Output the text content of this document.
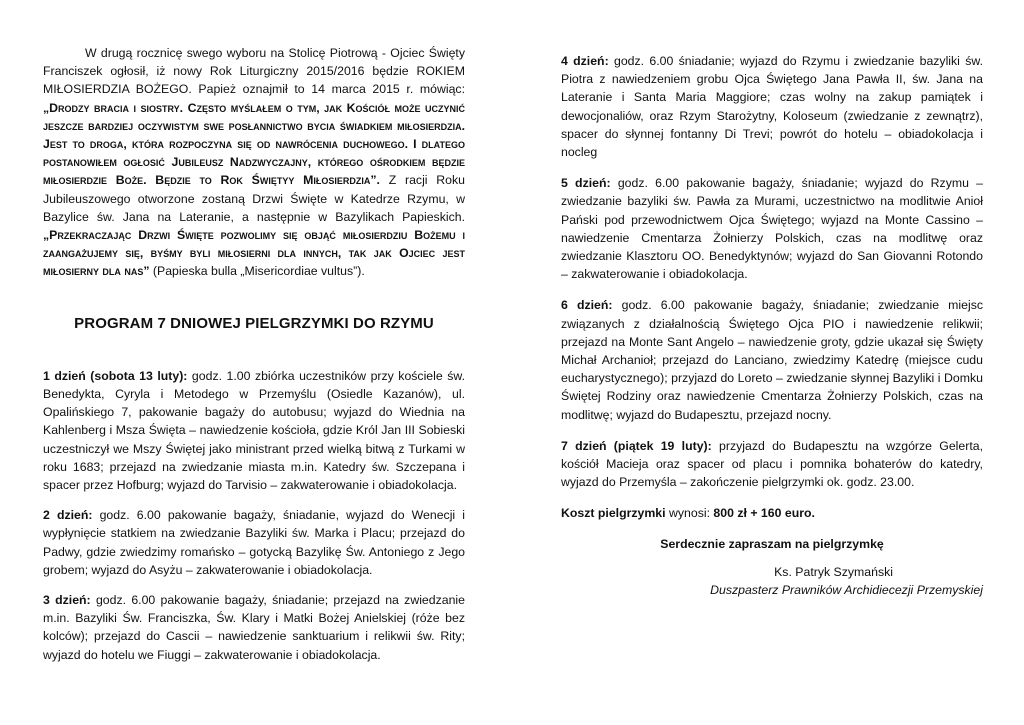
W drugą rocznicę swego wyboru na Stolicę Piotrową - Ojciec Święty Franciszek ogłosił, iż nowy Rok Liturgiczny 2015/2016 będzie ROKIEM MIŁOSIERDZIA BOŻEGO. Papież oznajmił to 14 marca 2015 r. mówiąc: „Drodzy bracia i siostry. Często myślałem o tym, jak Kościół może uczynić jeszcze bardziej oczywistym swe posłannictwo bycia świadkiem miłosierdzia. Jest to droga, która rozpoczyna się od nawrócenia duchowego. I dlatego postanowiłem ogłosić Jubileusz Nadzwyczajny, którego ośrodkiem będzie miłosierdzie Boże. Będzie to Rok Świętyy Miłosierdzia”. Z racji Roku Jubileuszowego otworzone zostaną Drzwi Święte w Katedrze Rzymu, w Bazylice św. Jana na Lateranie, a następnie w Bazylikach Papieskich. „Przekraczając Drzwi Święte pozwolimy się objąć miłosierdziu Bożemu i zaangażujemy się, byśmy byli miłosierni dla innych, tak jak Ojciec jest miłosierny dla nas” (Papieska bulla „Misericordiae vultus”).

PROGRAM 7 DNIOWEJ PIELGRZYMKI DO RZYMU

1 dzień (sobota 13 luty): godz. 1.00 zbiórka uczestników przy kościele św. Benedykta, Cyryla i Metodego w Przemyślu (Osiedle Kazanów), ul. Opalińskiego 7, pakowanie bagaży do autobusu; wyjazd do Wiednia na Kahlenberg i Msza Święta – nawiedzenie kościoła, gdzie Król Jan III Sobieski uczestniczył we Mszy Świętej jako ministrant przed wielką bitwą z Turkami w roku 1683; przejazd na zwiedzanie miasta m.in. Katedry św. Szczepana i spacer przez Hofburg; wyjazd do Tarvisio – zakwaterowanie i obiadokolacja.

2 dzień: godz. 6.00 pakowanie bagaży, śniadanie, wyjazd do Wenecji i wypłynięcie statkiem na zwiedzanie Bazyliki św. Marka i Placu; przejazd do Padwy, gdzie zwiedzimy romańsko – gotycką Bazylikę Św. Antoniego z Jego grobem; wyjazd do Asyżu – zakwaterowanie i obiadokolacja.

3 dzień: godz. 6.00 pakowanie bagaży, śniadanie; przejazd na zwiedzanie m.in. Bazyliki Św. Franciszka, Św. Klary i Matki Bożej Anielskiej (róże bez kolców); przejazd do Cascii – nawiedzenie sanktuarium i relikwii św. Rity; wyjazd do hotelu we Fiuggi – zakwaterowanie i obiadokolacja.

4 dzień: godz. 6.00 śniadanie; wyjazd do Rzymu i zwiedzanie bazyliki św. Piotra z nawiedzeniem grobu Ojca Świętego Jana Pawła II, św. Jana na Lateranie i Santa Maria Maggiore; czas wolny na zakup pamiątek i dewocjonaliów, oraz Rzym Starożytny, Koloseum (zwiedzanie z zewnątrz), spacer do słynnej fontanny Di Trevi; powrót do hotelu – obiadokolacja i nocleg

5 dzień: godz. 6.00 pakowanie bagaży, śniadanie; wyjazd do Rzymu – zwiedzanie bazyliki św. Pawła za Murami, uczestnictwo na modlitwie Anioł Pański pod przewodnictwem Ojca Świętego; wyjazd na Monte Cassino – nawiedzenie Cmentarza Żołnierzy Polskich, czas na modlitwę oraz zwiedzanie Klasztoru OO. Benedyktynów; wyjazd do San Giovanni Rotondo – zakwaterowanie i obiadokolacja.

6 dzień: godz. 6.00 pakowanie bagaży, śniadanie; zwiedzanie miejsc związanych z działalnością Świętego Ojca PIO i nawiedzenie relikwii; przejazd na Monte Sant Angelo – nawiedzenie groty, gdzie ukazał się Święty Michał Archanioł; przejazd do Lanciano, zwiedzimy Katedrę (miejsce cudu eucharystycznego); przyjazd do Loreto – zwiedzanie słynnej Bazyliki i Domku Świętej Rodziny oraz nawiedzenie Cmentarza Żołnierzy Polskich, czas na modlitwę; wyjazd do Budapesztu, przejazd nocny.

7 dzień (piątek 19 luty): przyjazd do Budapesztu na wzgórze Gelerta, kościół Macieja oraz spacer od placu i pomnika bohaterów do katedry, wyjazd do Przemyśla – zakończenie pielgrzymki ok. godz. 23.00.

Koszt pielgrzymki wynosi: 800 zł + 160 euro.

Serdecznie zapraszam na pielgrzymkę

Ks. Patryk Szymański

Duszpasterz Prawników Archidiecezji Przemyskiej
